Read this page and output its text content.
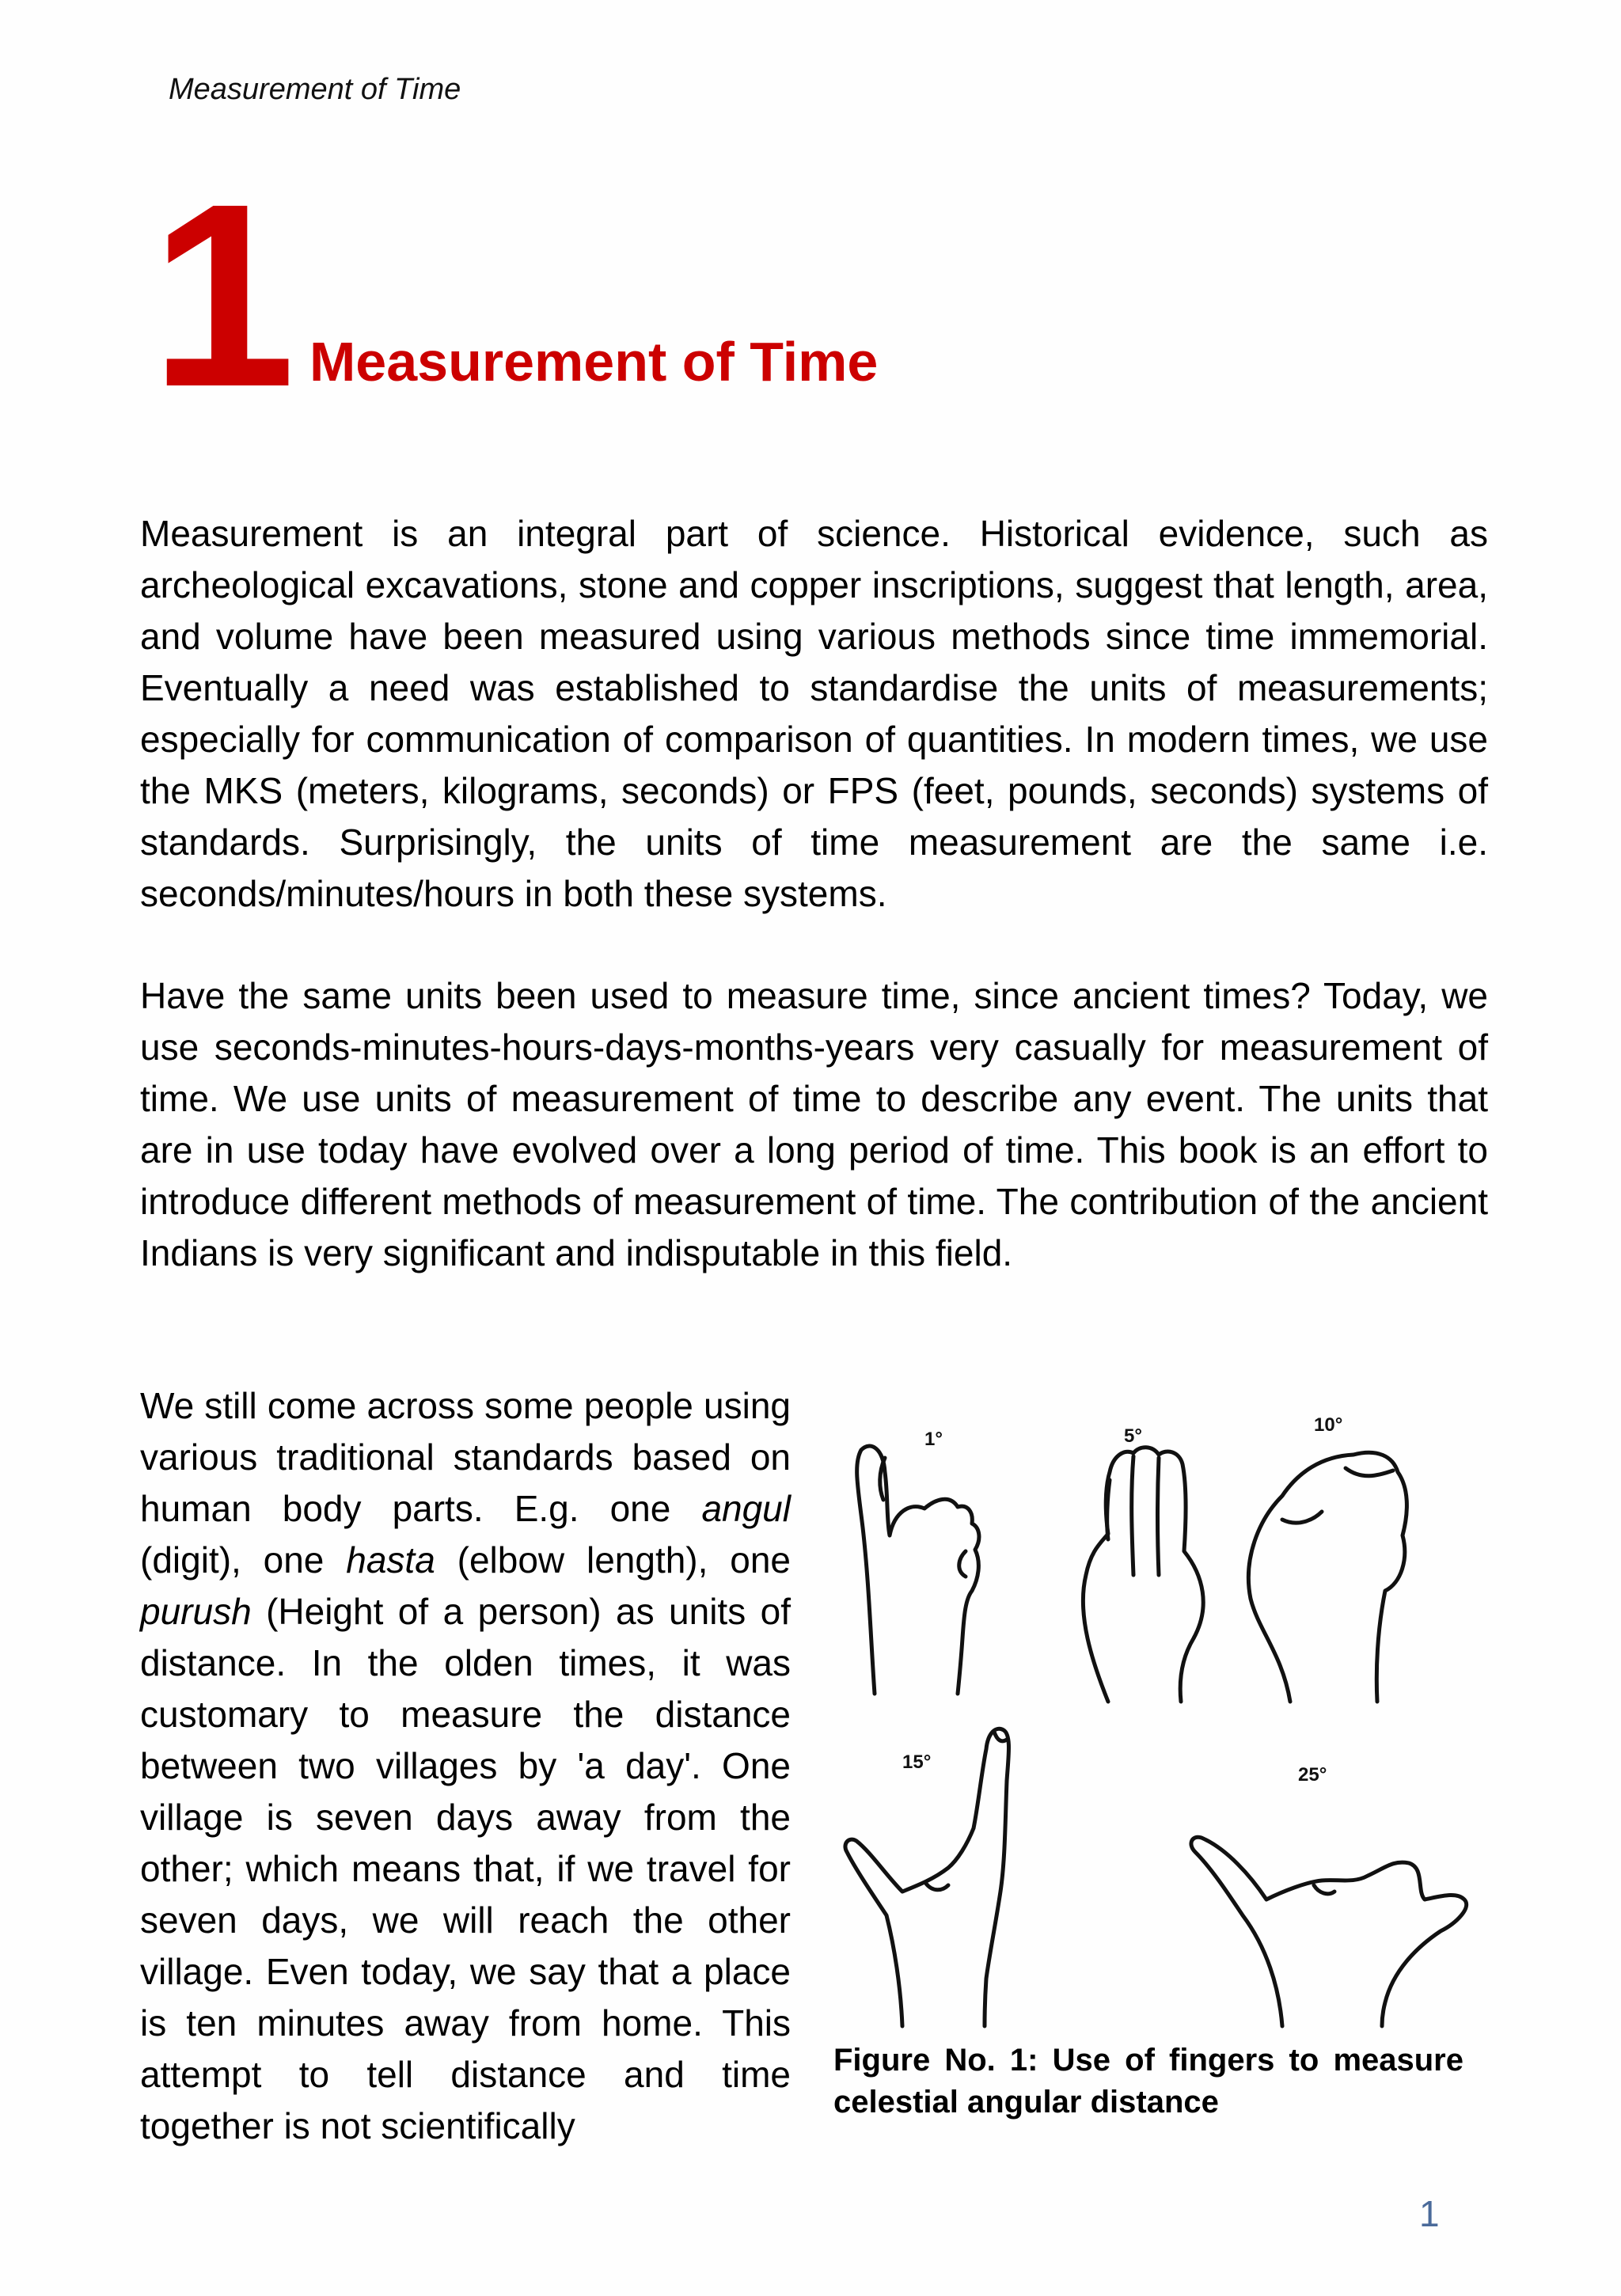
Measurement of Time
1 Measurement of Time

Measurement is an integral part of science. Historical evidence, such as archeological excavations, stone and copper inscriptions, suggest that length, area, and volume have been measured using various methods since time immemorial. Eventually a need was established to standardise the units of measurements; especially for communication of comparison of quantities. In modern times, we use the MKS (meters, kilograms, seconds) or FPS (feet, pounds, seconds) systems of standards. Surprisingly, the units of time measurement are the same i.e. seconds/minutes/hours in both these systems.

Have the same units been used to measure time, since ancient times? Today, we use seconds-minutes-hours-days-months-years very casually for measurement of time. We use units of measurement of time to describe any event. The units that are in use today have evolved over a long period of time. This book is an effort to introduce different methods of measurement of time. The contribution of the ancient Indians is very significant and indisputable in this field.

We still come across some people using various traditional standards based on human body parts. E.g. one angul (digit), one hasta (elbow length), one purush (Height of a person) as units of distance. In the olden times, it was customary to measure the distance between two villages by 'a day'. One village is seven days away from the other; which means that, if we travel for seven days, we will reach the other village. Even today, we say that a place is ten minutes away from home. This attempt to tell distance and time together is not scientifically

1°	5°
10°
15°
25°
Figure No. 1: Use of fingers to measure celestial angular distance
1
